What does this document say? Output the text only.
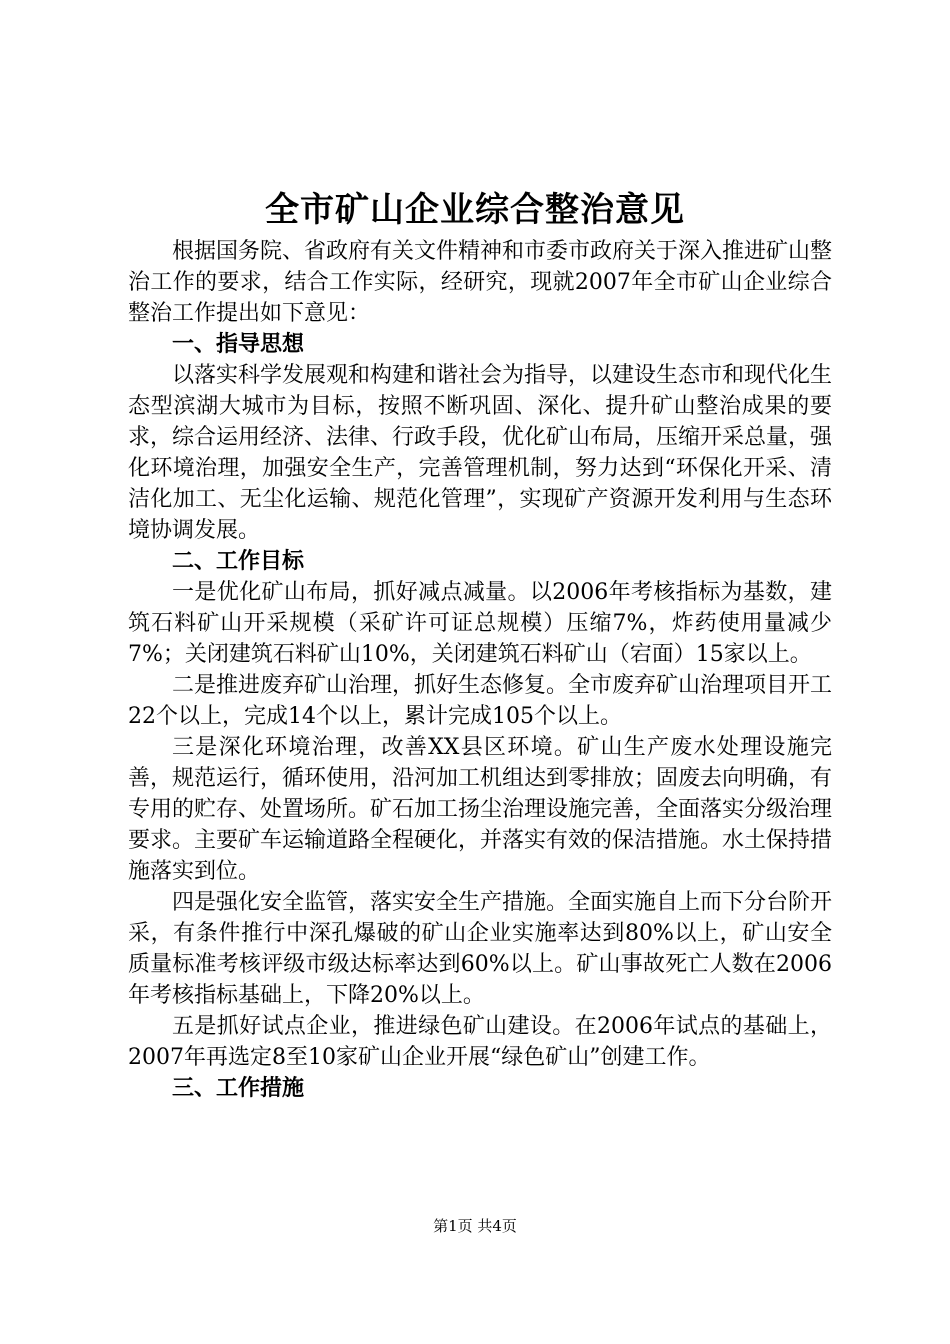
全市矿山企业综合整治意见

根据国务院、省政府有关文件精神和市委市政府关于深入推进矿山整治工作的要求，结合工作实际，经研究，现就2007年全市矿山企业综合整治工作提出如下意见：

一、指导思想

以落实科学发展观和构建和谐社会为指导，以建设生态市和现代化生态型滨湖大城市为目标，按照不断巩固、深化、提升矿山整治成果的要求，综合运用经济、法律、行政手段，优化矿山布局，压缩开采总量，强化环境治理，加强安全生产，完善管理机制，努力达到“环保化开采、清洁化加工、无尘化运输、规范化管理”，实现矿产资源开发利用与生态环境协调发展。

二、工作目标

一是优化矿山布局，抓好减点减量。以2006年考核指标为基数，建筑石料矿山开采规模（采矿许可证总规模）压缩7%，炸药使用量减少7%；关闭建筑石料矿山10%，关闭建筑石料矿山（宕面）15家以上。

二是推进废弃矿山治理，抓好生态修复。全市废弃矿山治理项目开工22个以上，完成14个以上，累计完成105个以上。

三是深化环境治理，改善XX县区环境。矿山生产废水处理设施完善，规范运行，循环使用，沿河加工机组达到零排放；固废去向明确，有专用的贮存、处置场所。矿石加工扬尘治理设施完善，全面落实分级治理要求。主要矿车运输道路全程硬化，并落实有效的保洁措施。水土保持措施落实到位。

四是强化安全监管，落实安全生产措施。全面实施自上而下分台阶开采，有条件推行中深孔爆破的矿山企业实施率达到80%以上，矿山安全质量标准考核评级市级达标率达到60%以上。矿山事故死亡人数在2006年考核指标基础上，下降20%以上。

五是抓好试点企业，推进绿色矿山建设。在2006年试点的基础上，2007年再选定8至10家矿山企业开展“绿色矿山”创建工作。

三、工作措施

第1页 共4页
